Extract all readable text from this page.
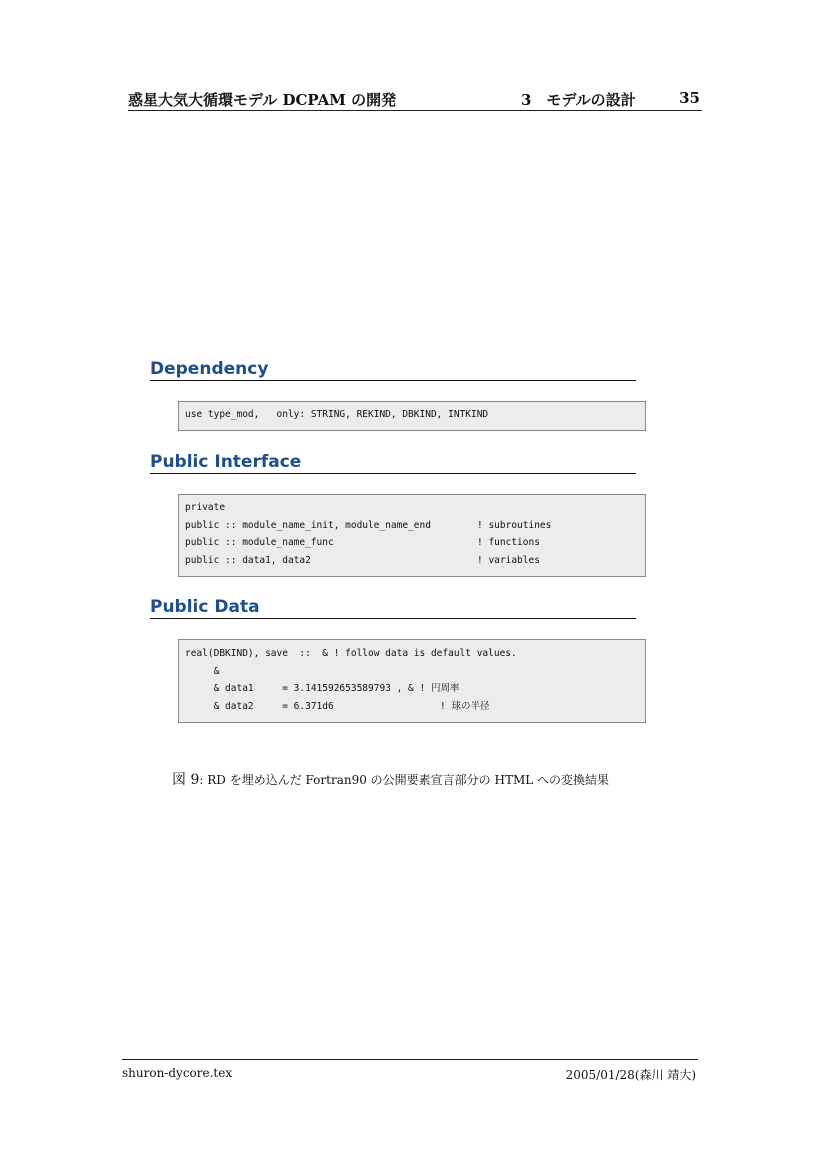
惑星大気大循環モデル DCPAM の開発	3　モデルの設計	35
Dependency
use type_mod,   only: STRING, REKIND, DBKIND, INTKIND
Public Interface

private

public :: module_name_init, module_name_end

	! subroutines

public :: module_name_func

	! functions

public :: data1, data2

	! variables

Public Data

real(DBKIND), save  ::  & ! follow data is default values.

&

& data1     = 3.141592653589793 , & ! 円周率

& data2     = 6.371d6

	! 球の半径

図 9: RD を埋め込んだ Fortran90 の公開要素宣言部分の HTML への変換結果
shuron-dycore.tex	2005/01/28(森川 靖大)
